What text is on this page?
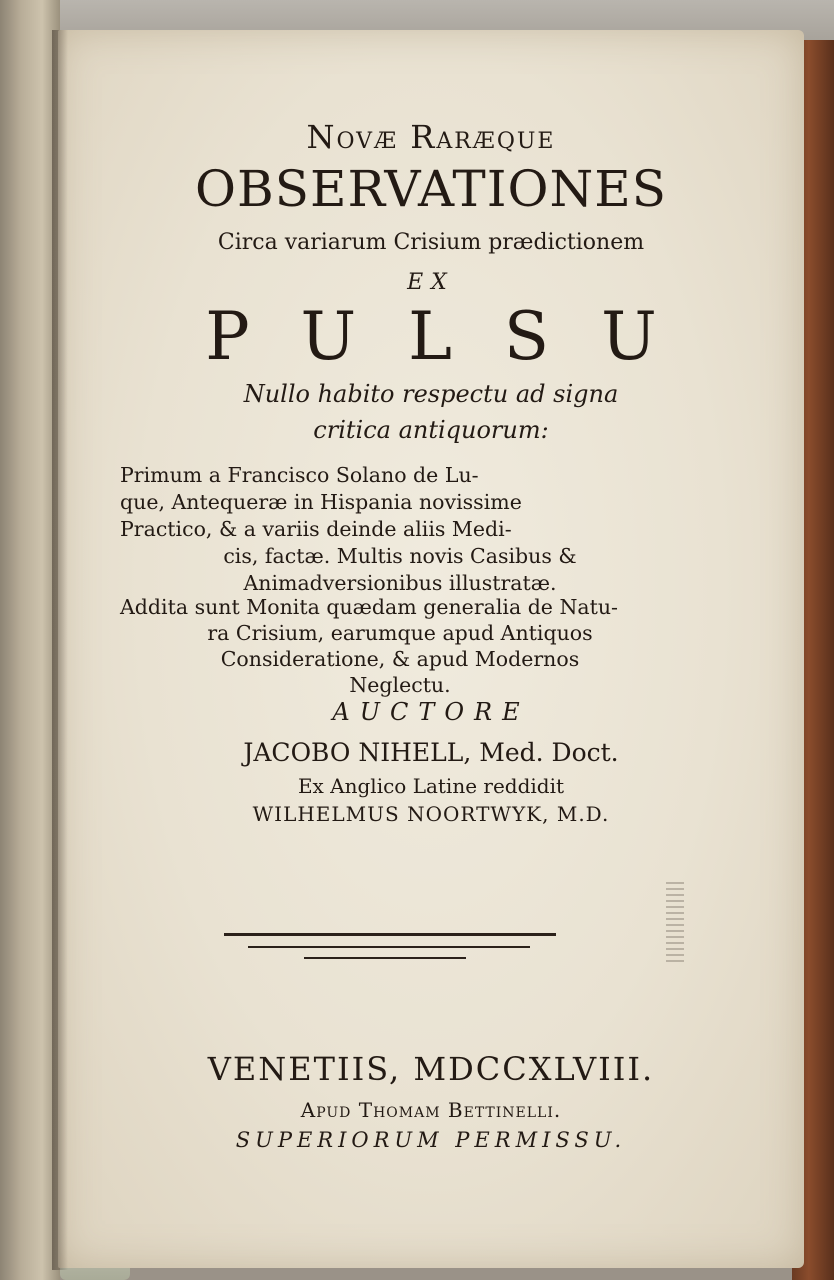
Novæ Raræque

OBSERVATIONES

Circa variarum Crisium prædictionem

EX

PULSU

Nullo habito respectu ad signa

critica antiquorum:

Primum a Francisco Solano de Lu-
que, Antequeræ in Hispania novissime
Practico, & a variis deinde aliis Medi-
cis, factæ. Multis novis Casibus &
Animadversionibus illustratæ.
Addita sunt Monita quædam generalia de Natu-
ra Crisium, earumque apud Antiquos
Consideratione, & apud Modernos
Neglectu.

AUCTORE

JACOBO NIHELL, Med. Doct.

Ex Anglico Latine reddidit

WILHELMUS NOORTWYK, M.D.

VENETIIS, MDCCXLVIII.

Apud Thomam Bettinelli.

SUPERIORUM PERMISSU.
